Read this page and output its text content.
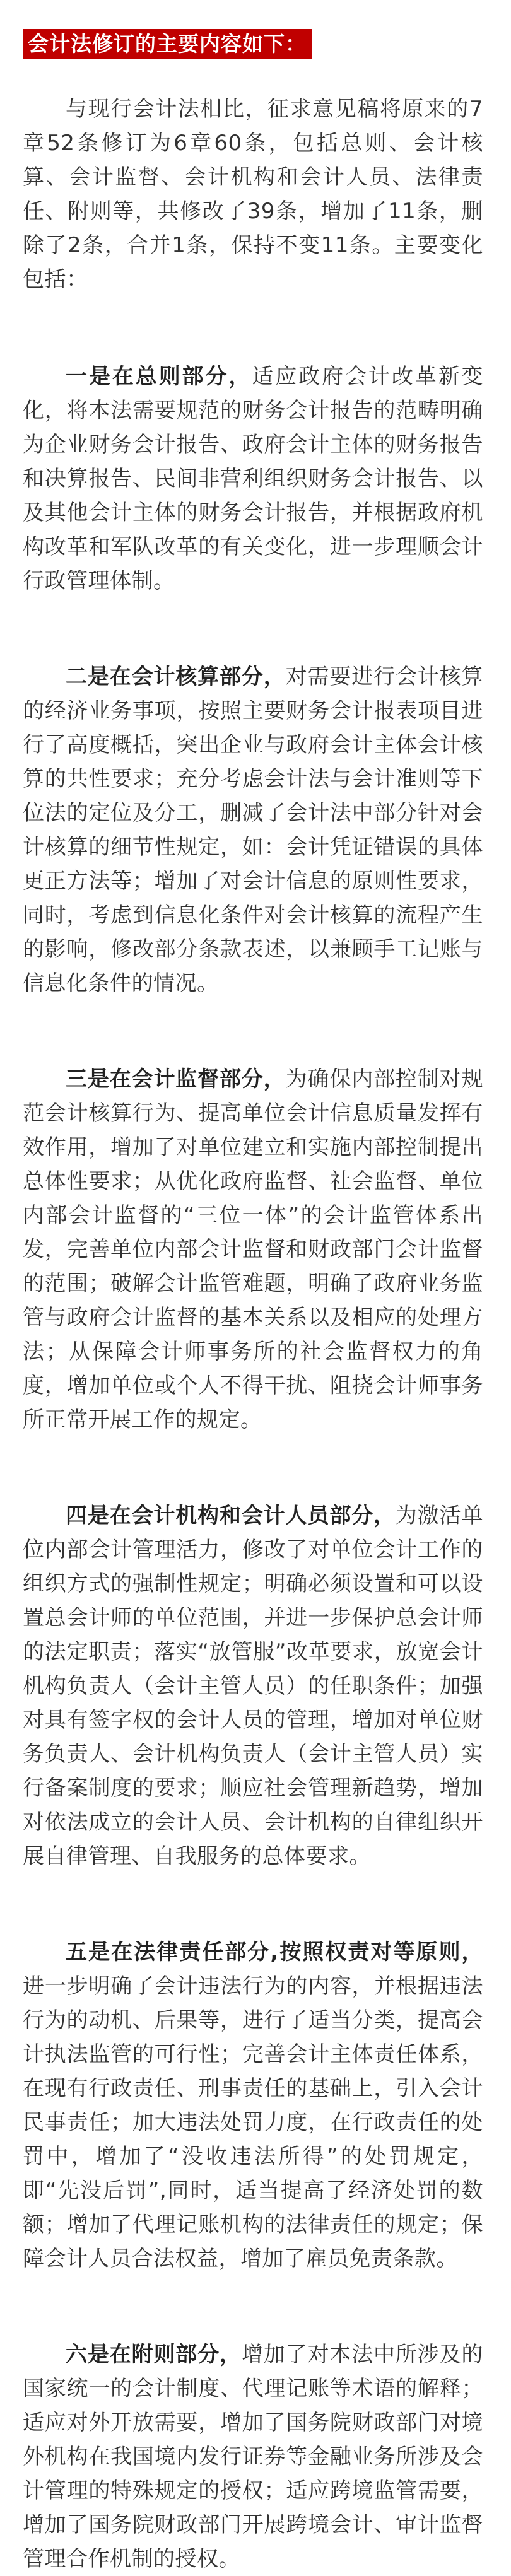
会计法修订的主要内容如下：

与现行会计法相比，征求意见稿将原来的7章52条修订为6章60条，包括总则、会计核算、会计监督、会计机构和会计人员、法律责任、附则等，共修改了39条，增加了11条，删除了2条，合并1条，保持不变11条。主要变化包括：

一是在总则部分，适应政府会计改革新变化，将本法需要规范的财务会计报告的范畴明确为企业财务会计报告、政府会计主体的财务报告和决算报告、民间非营利组织财务会计报告、以及其他会计主体的财务会计报告，并根据政府机构改革和军队改革的有关变化，进一步理顺会计行政管理体制。

二是在会计核算部分，对需要进行会计核算的经济业务事项，按照主要财务会计报表项目进行了高度概括，突出企业与政府会计主体会计核算的共性要求；充分考虑会计法与会计准则等下位法的定位及分工，删减了会计法中部分针对会计核算的细节性规定，如：会计凭证错误的具体更正方法等；增加了对会计信息的原则性要求，同时，考虑到信息化条件对会计核算的流程产生的影响，修改部分条款表述，以兼顾手工记账与信息化条件的情况。

三是在会计监督部分，为确保内部控制对规范会计核算行为、提高单位会计信息质量发挥有效作用，增加了对单位建立和实施内部控制提出总体性要求；从优化政府监督、社会监督、单位内部会计监督的“三位一体”的会计监管体系出发，完善单位内部会计监督和财政部门会计监督的范围；破解会计监管难题，明确了政府业务监管与政府会计监督的基本关系以及相应的处理方法；从保障会计师事务所的社会监督权力的角度，增加单位或个人不得干扰、阻挠会计师事务所正常开展工作的规定。

四是在会计机构和会计人员部分，为激活单位内部会计管理活力，修改了对单位会计工作的组织方式的强制性规定；明确必须设置和可以设置总会计师的单位范围，并进一步保护总会计师的法定职责；落实“放管服”改革要求，放宽会计机构负责人（会计主管人员）的任职条件；加强对具有签字权的会计人员的管理，增加对单位财务负责人、会计机构负责人（会计主管人员）实行备案制度的要求；顺应社会管理新趋势，增加对依法成立的会计人员、会计机构的自律组织开展自律管理、自我服务的总体要求。

五是在法律责任部分,按照权责对等原则，进一步明确了会计违法行为的内容，并根据违法行为的动机、后果等，进行了适当分类，提高会计执法监管的可行性；完善会计主体责任体系，在现有行政责任、刑事责任的基础上，引入会计民事责任；加大违法处罚力度，在行政责任的处罚中，增加了“没收违法所得”的处罚规定，即“先没后罚”,同时，适当提高了经济处罚的数额；增加了代理记账机构的法律责任的规定；保障会计人员合法权益，增加了雇员免责条款。

六是在附则部分，增加了对本法中所涉及的国家统一的会计制度、代理记账等术语的解释；适应对外开放需要，增加了国务院财政部门对境外机构在我国境内发行证券等金融业务所涉及会计管理的特殊规定的授权；适应跨境监管需要，增加了国务院财政部门开展跨境会计、审计监督管理合作机制的授权。
